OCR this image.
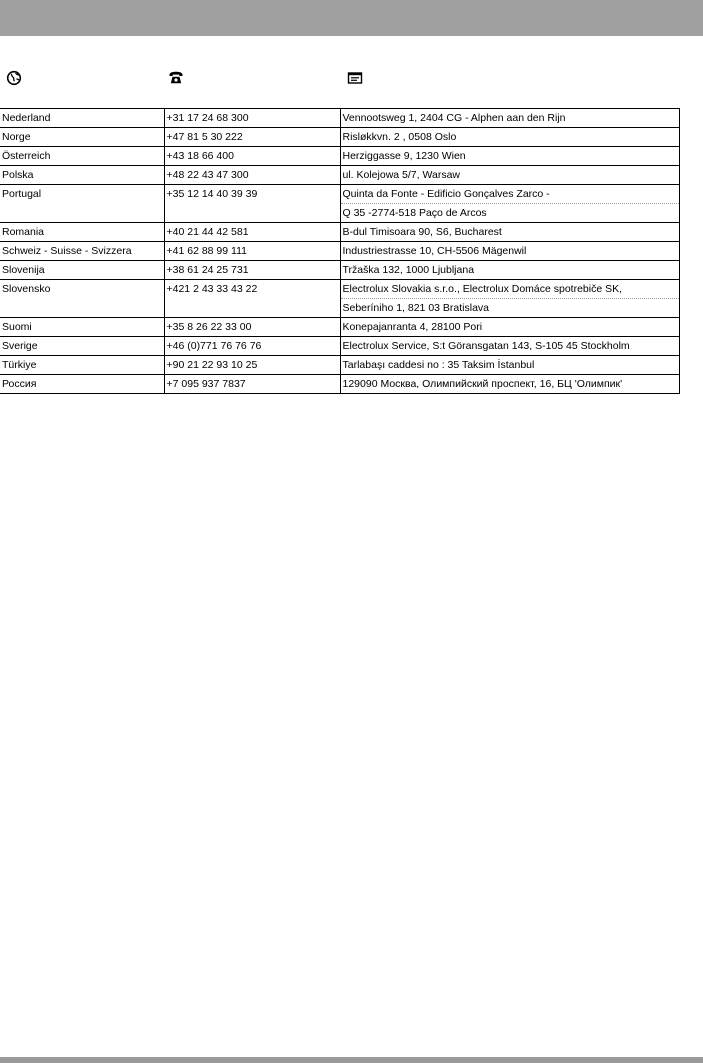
Nederland	+31 17 24 68 300	Vennootsweg 1, 2404 CG - Alphen aan den Rijn
Norge	+47 81 5 30 222	Risløkkvn. 2 , 0508 Oslo
Österreich	+43 18 66 400	Herziggasse 9, 1230 Wien
Polska	+48 22 43 47 300	ul. Kolejowa 5/7, Warsaw
Portugal	+35 12 14 40 39 39	Quinta da Fonte - Edificio Gonçalves Zarco -
		Q 35 -2774-518 Paço de Arcos
Romania	+40 21 44 42 581	B-dul Timisoara 90, S6, Bucharest
Schweiz - Suisse - Svizzera	+41 62 88 99 111	Industriestrasse 10, CH-5506 Mägenwil
Slovenija	+38 61 24 25 731	Tržaška 132, 1000 Ljubljana
Slovensko	+421 2 43 33 43 22	Electrolux Slovakia s.r.o., Electrolux Domáce spotrebiče SK,
		Seberíniho 1, 821 03 Bratislava
Suomi	+35 8 26 22 33 00	Konepajanranta 4, 28100 Pori
Sverige	+46 (0)771 76 76 76	Electrolux Service, S:t Göransgatan 143, S-105 45 Stockholm
Türkiye	+90 21 22 93 10 25	Tarlabaşı caddesi no : 35 Taksim İstanbul
Россия	+7 095 937 7837	129090 Москва, Олимпийский проспект, 16, БЦ 'Олимпик'
